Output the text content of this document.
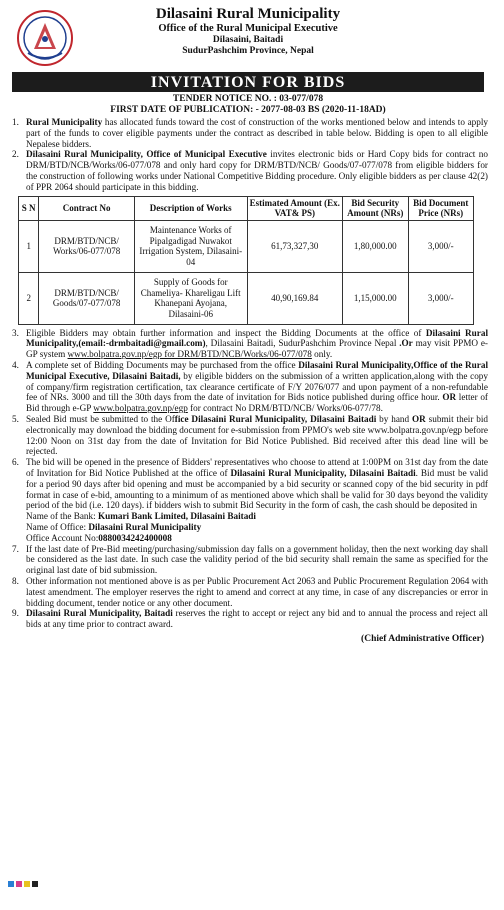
Dilasaini Rural Municipality
Office of the Rural Municipal Executive
Dilasaini, Baitadi
SudurPashchim Province, Nepal
INVITATION FOR BIDS
TENDER NOTICE NO. : 03-077/078
FIRST DATE OF PUBLICATION: - 2077-08-03 BS (2020-11-18AD)
1. Rural Municipality has allocated funds toward the cost of construction of the works mentioned below and intends to apply part of the funds to cover eligible payments under the contract as described in table below. Bidding is open to all eligible Nepalese bidders.
2. Dilasaini Rural Municipality, Office of Municipal Executive invites electronic bids or Hard Copy bids for contract no DRM/BTD/NCB/Works/06-077/078 and only hard copy for DRM/BTD/NCB/ Goods/07-077/078 from eligible bidders for the construction of following works under National Competitive Bidding procedure. Only eligible bidders as per clause 42(2) of PPR 2064 should participate in this bidding.
S N	Contract No	Description of Works	Estimated Amount (Ex. VAT& PS)	Bid Security Amount (NRs)	Bid Document Price (NRs)
1	DRM/BTD/NCB/ Works/06-077/078	Maintenance Works of Pipalgadigad Nuwakot Irrigation System, Dilasaini-04	61,73,327,30	1,80,000.00	3,000/-
2	DRM/BTD/NCB/ Goods/07-077/078	Supply of Goods for Chameliya- Khareligau Lift Khanepani Ayojana, Dilasaini-06	40,90,169.84	1,15,000.00	3,000/-
3. Eligible Bidders may obtain further information and inspect the Bidding Documents at the office of Dilasaini Rural Municipality,(email:-drmbaitadi@gmail.com), Dilasaini Baitadi, SudurPashchim Province Nepal .Or may visit PPMO e-GP system www.bolpatra.gov.np/egp for DRM/BTD/NCB/Works/06-077/078 only.
4. A complete set of Bidding Documents may be purchased from the office Dilasaini Rural Municipality,Office of the Rural Municipal Executive, Dilasaini Baitadi, by eligible bidders on the submission of a written application,along with the copy of company/firm registration certification, tax clearance certificate of F/Y 2076/077 and upon payment of a non-refundable fee of NRs. 3000 and till the 30th days from the date of invitation for Bids notice published during office hour. OR letter of Bid through e-GP www.bolpatra.gov.np/egp for contract No DRM/BTD/NCB/ Works/06-077/78.
5. Sealed Bid must be submitted to the Office Dilasaini Rural Municipality, Dilasaini Baitadi by hand OR submit their bid electronically may download the bidding document for e-submission from PPMO's web site www.bolpatra.gov.np/egp before 12:00 Noon on 31st day from the date of Invitation for Bid Notice Published. Bid received after this dead line will be rejected.
6. The bid will be opened in the presence of Bidders' representatives who choose to attend at 1:00PM on 31st day from the date of Invitation for Bid Notice Published at the office of Dilasaini Rural Municipality, Dilasaini Baitadi. Bid must be valid for a period 90 days after bid opening and must be accompanied by a bid security or scanned copy of the bid security in pdf format in case of e-bid, amounting to a minimum of as mentioned above which shall be valid for 30 days beyond the validity period of the bid (i.e. 120 days). if bidders wish to submit Bid Security in the form of cash, the cash should be deposited in
Name of the Bank: Kumari Bank Limited, Dilasaini Baitadi
Name of Office: Dilasaini Rural Municipality
Office Account No:0880034242400008
7. If the last date of Pre-Bid meeting/purchasing/submission day falls on a government holiday, then the next working day shall be considered as the last date. In such case the validity period of the bid security shall remain the same as specified for the original last date of bid submission.
8. Other information not mentioned above is as per Public Procurement Act 2063 and Public Procurement Regulation 2064 with latest amendment. The employer reserves the right to amend and correct at any time, in case of any discrepancies or error in bidding document, tender notice or any other document.
9. Dilasaini Rural Municipality, Baitadi reserves the right to accept or reject any bid and to annual the process and reject all bids at any time prior to contract award.
(Chief Administrative Officer)
